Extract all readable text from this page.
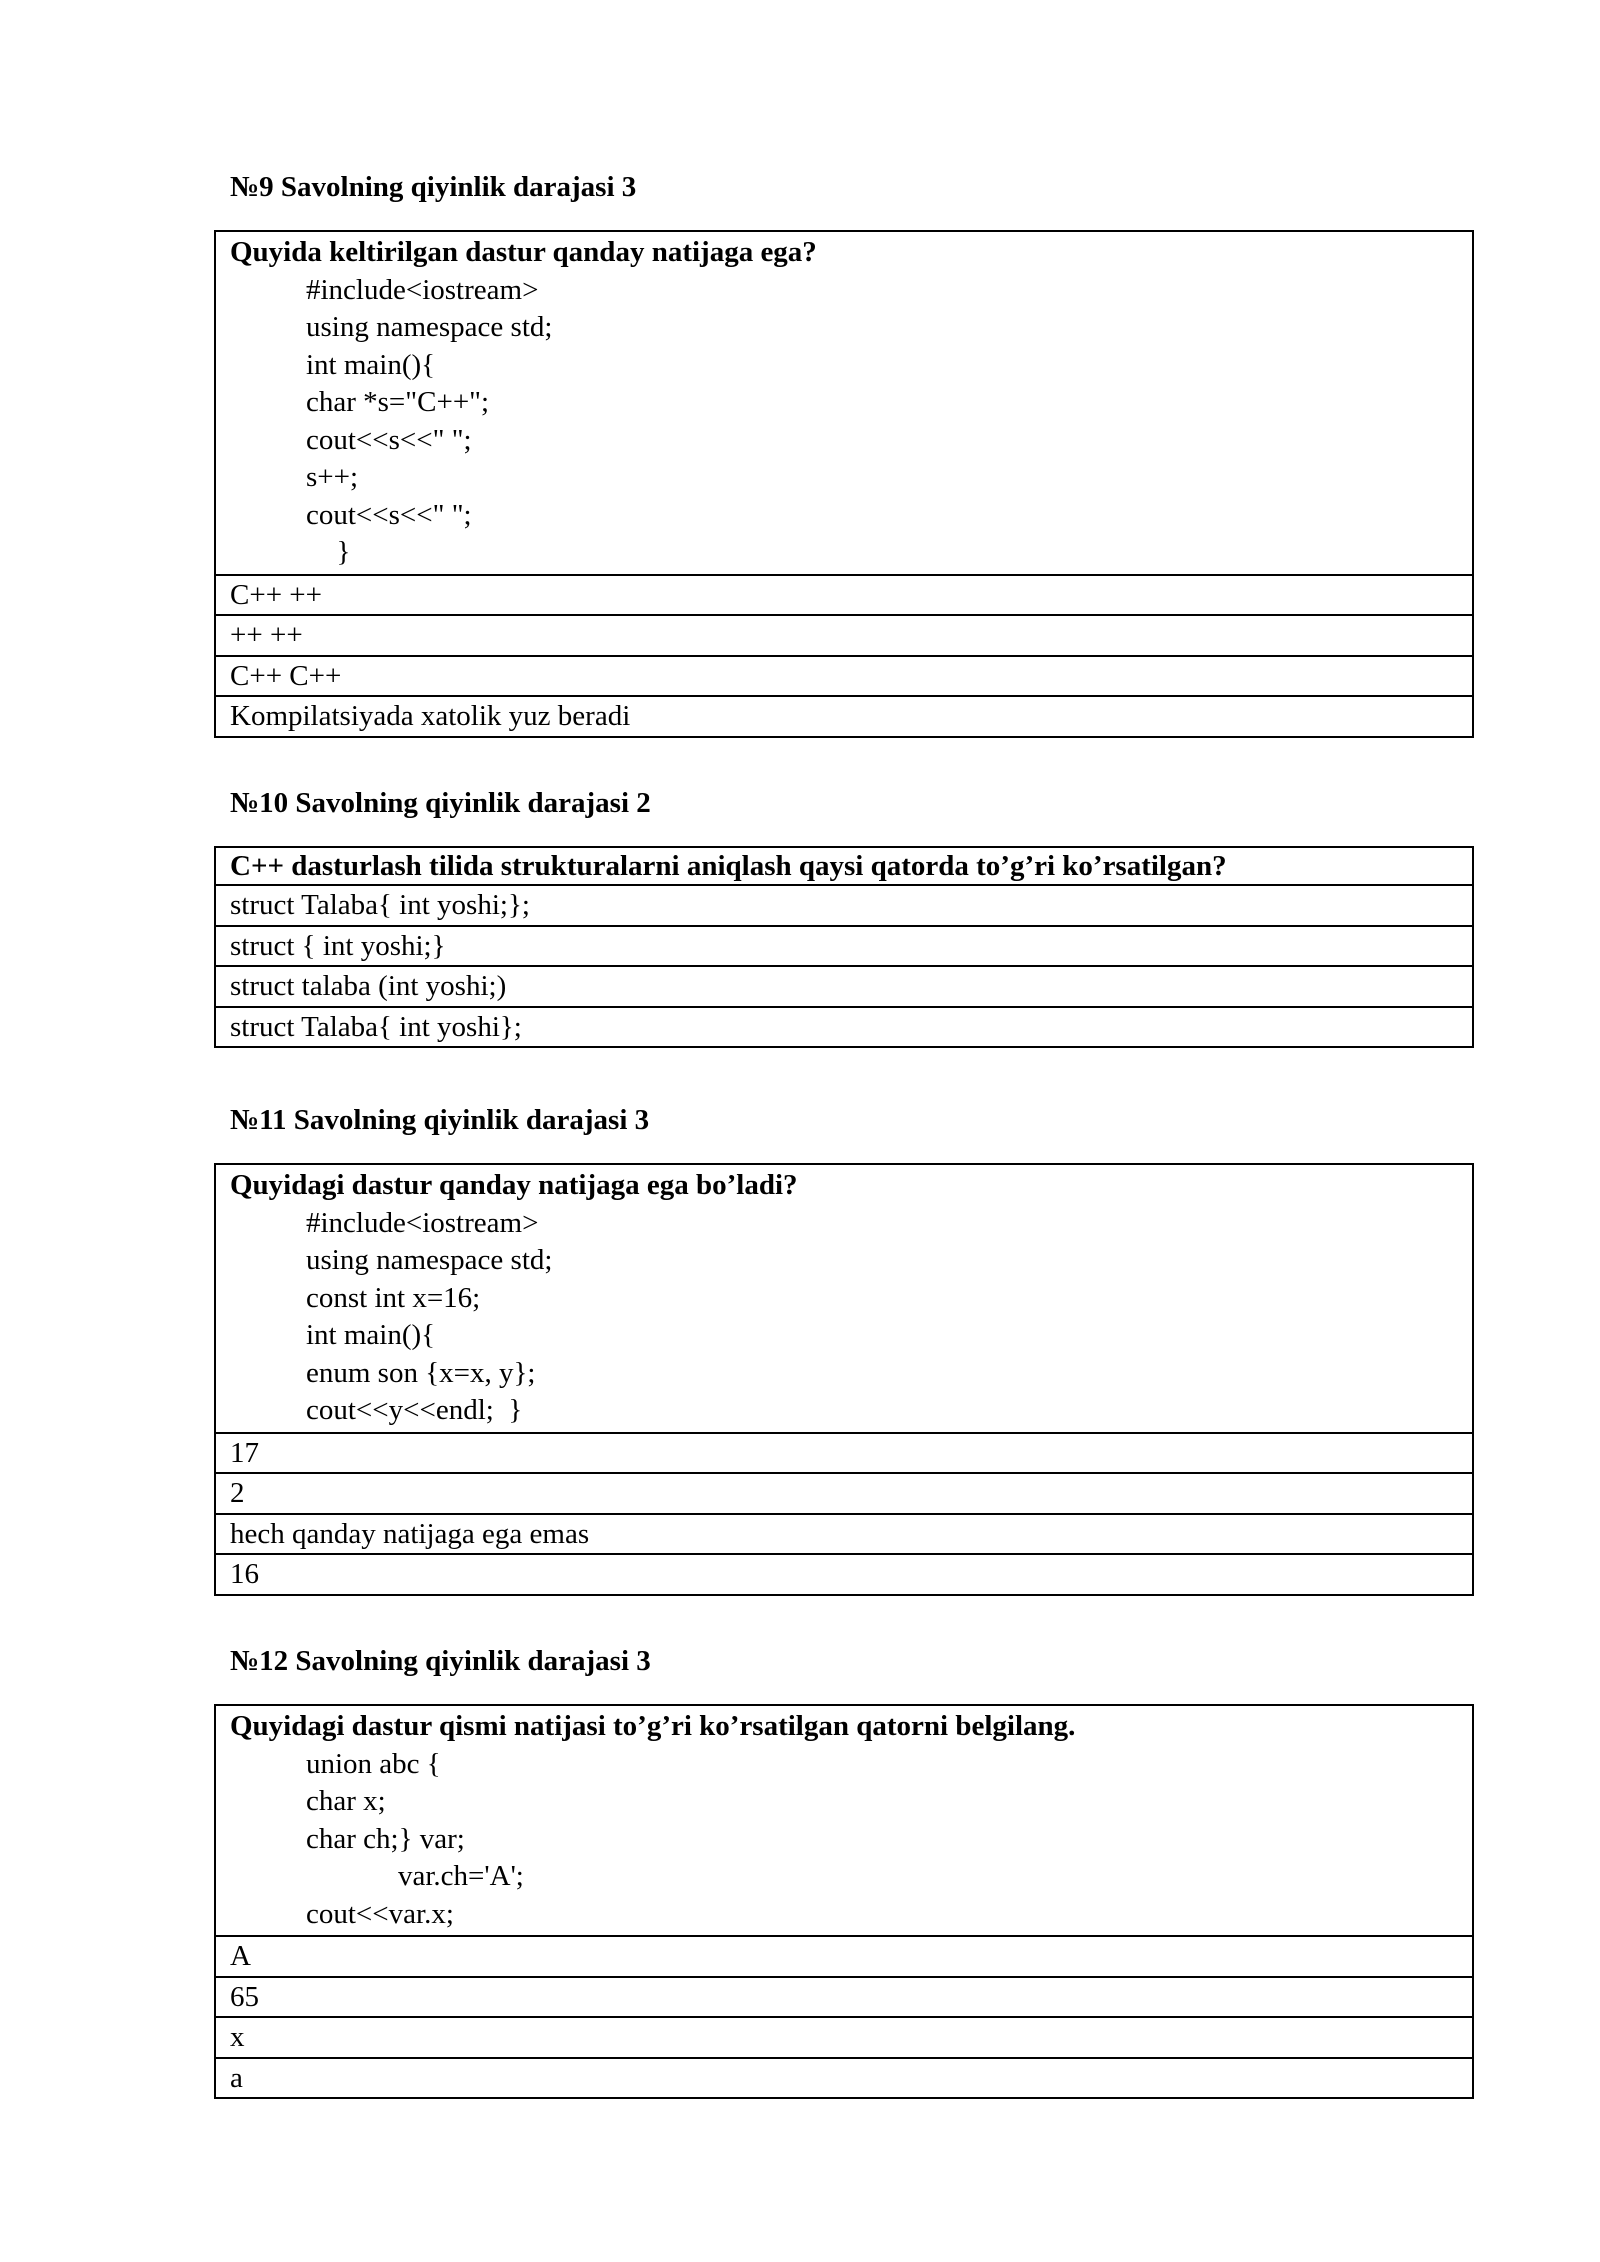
№9 Savolning qiyinlik darajasi 3
Quyida keltirilgan dastur qanday natijaga ega?
#include<iostream>
using namespace std;
int main(){
char *s="C++";
cout<<s<<" ";
s++;
cout<<s<<" ";
}
C++ ++
++ ++
C++ C++
Kompilatsiyada xatolik yuz beradi
№10 Savolning qiyinlik darajasi 2
C++ dasturlash tilida strukturalarni aniqlash qaysi qatorda to’g’ri ko’rsatilgan?
struct Talaba{ int yoshi;};
struct { int yoshi;}
struct talaba (int yoshi;)
struct Talaba{ int yoshi};
№11 Savolning qiyinlik darajasi 3
Quyidagi dastur qanday natijaga ega bo’ladi?
#include<iostream>
using namespace std;
const int x=16;
int main(){
enum son {x=x, y};
cout<<y<<endl;  }
17
2
hech qanday natijaga ega emas
16
№12 Savolning qiyinlik darajasi 3
Quyidagi dastur qismi natijasi to’g’ri ko’rsatilgan qatorni belgilang.
union abc {
char x;
char ch;} var;
var.ch='A';
cout<<var.x;
A
65
x
a
